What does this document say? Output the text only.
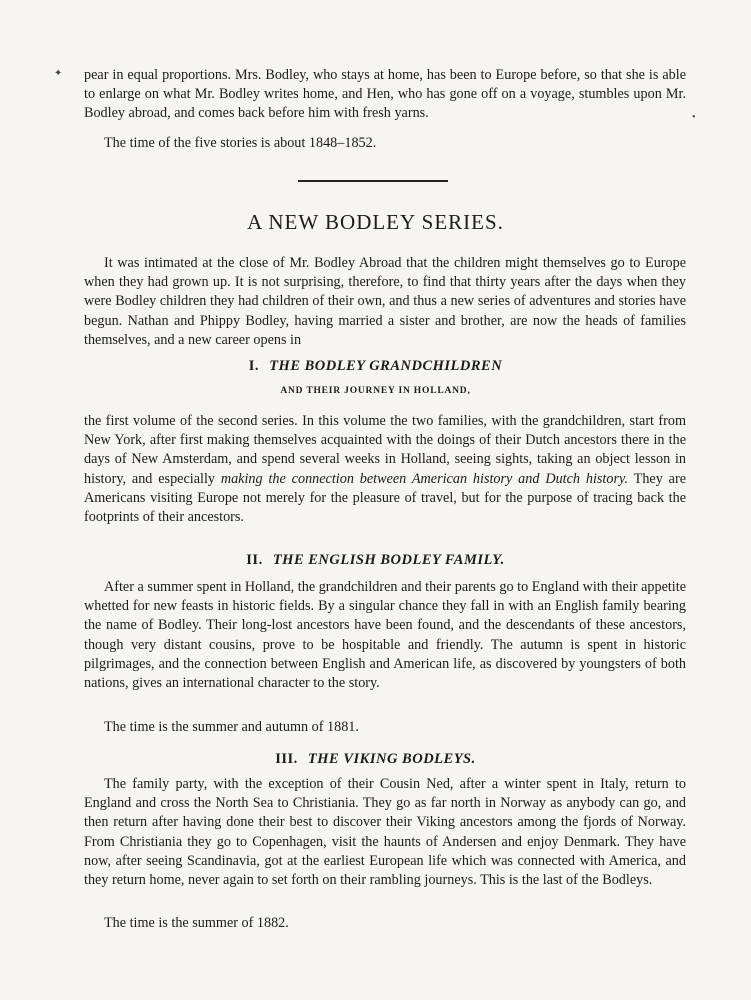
✦
•

pear in equal proportions. Mrs. Bodley, who stays at home, has been to Europe before, so that she is able to enlarge on what Mr. Bodley writes home, and Hen, who has gone off on a voyage, stumbles upon Mr. Bodley abroad, and comes back before him with fresh yarns.

The time of the five stories is about 1848–1852.

A NEW BODLEY SERIES.

It was intimated at the close of Mr. Bodley Abroad that the children might themselves go to Europe when they had grown up. It is not surprising, therefore, to find that thirty years after the days when they were Bodley children they had children of their own, and thus a new series of adventures and stories have begun. Nathan and Phippy Bodley, having married a sister and brother, are now the heads of families themselves, and a new career opens in

I. THE BODLEY GRANDCHILDREN

AND THEIR JOURNEY IN HOLLAND,

the first volume of the second series. In this volume the two families, with the grandchildren, start from New York, after first making themselves acquainted with the doings of their Dutch ancestors there in the days of New Amsterdam, and spend several weeks in Holland, seeing sights, taking an object lesson in history, and especially making the connection between American history and Dutch history. They are Americans visiting Europe not merely for the pleasure of travel, but for the purpose of tracing back the footprints of their ancestors.

II. THE ENGLISH BODLEY FAMILY.

After a summer spent in Holland, the grandchildren and their parents go to England with their appetite whetted for new feasts in historic fields. By a singular chance they fall in with an English family bearing the name of Bodley. Their long-lost ancestors have been found, and the descendants of these ancestors, though very distant cousins, prove to be hospitable and friendly. The autumn is spent in historic pilgrimages, and the connection between English and American life, as discovered by youngsters of both nations, gives an international character to the story.

The time is the summer and autumn of 1881.

III. THE VIKING BODLEYS.

The family party, with the exception of their Cousin Ned, after a winter spent in Italy, return to England and cross the North Sea to Christiania. They go as far north in Norway as anybody can go, and then return after having done their best to discover their Viking ancestors among the fjords of Norway. From Christiania they go to Copenhagen, visit the haunts of Andersen and enjoy Denmark. They have now, after seeing Scandinavia, got at the earliest European life which was connected with America, and they return home, never again to set forth on their rambling journeys. This is the last of the Bodleys.

The time is the summer of 1882.
